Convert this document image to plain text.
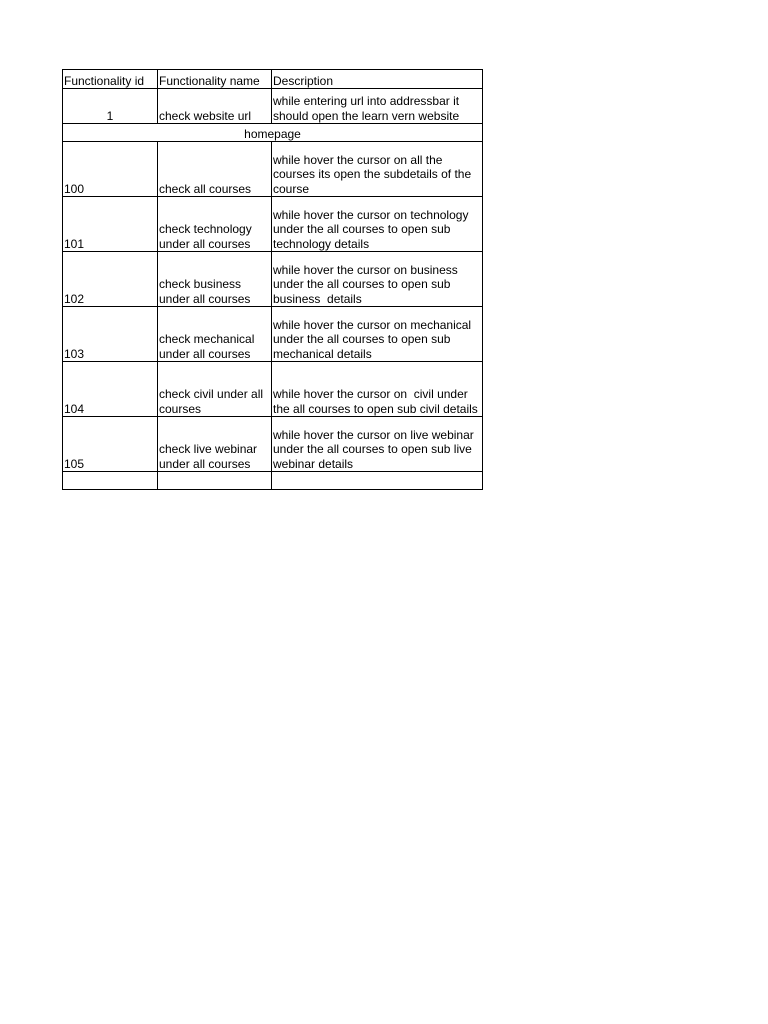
Functionality id	Functionality name	Description
1	check website url	while entering url into addressbar it should open the learn vern website
homepage		
100	check all courses	while hover the cursor on all the courses its open the subdetails of the course
101	check technology under all courses	while hover the cursor on technology under the all courses to open sub technology details
102	check business under all courses	while hover the cursor on business under the all courses to open sub business  details
103	check mechanical under all courses	while hover the cursor on mechanical under the all courses to open sub mechanical details
104	check civil under all courses	while hover the cursor on  civil under the all courses to open sub civil details
105	check live webinar under all courses	while hover the cursor on live webinar  under the all courses to open sub live webinar details
